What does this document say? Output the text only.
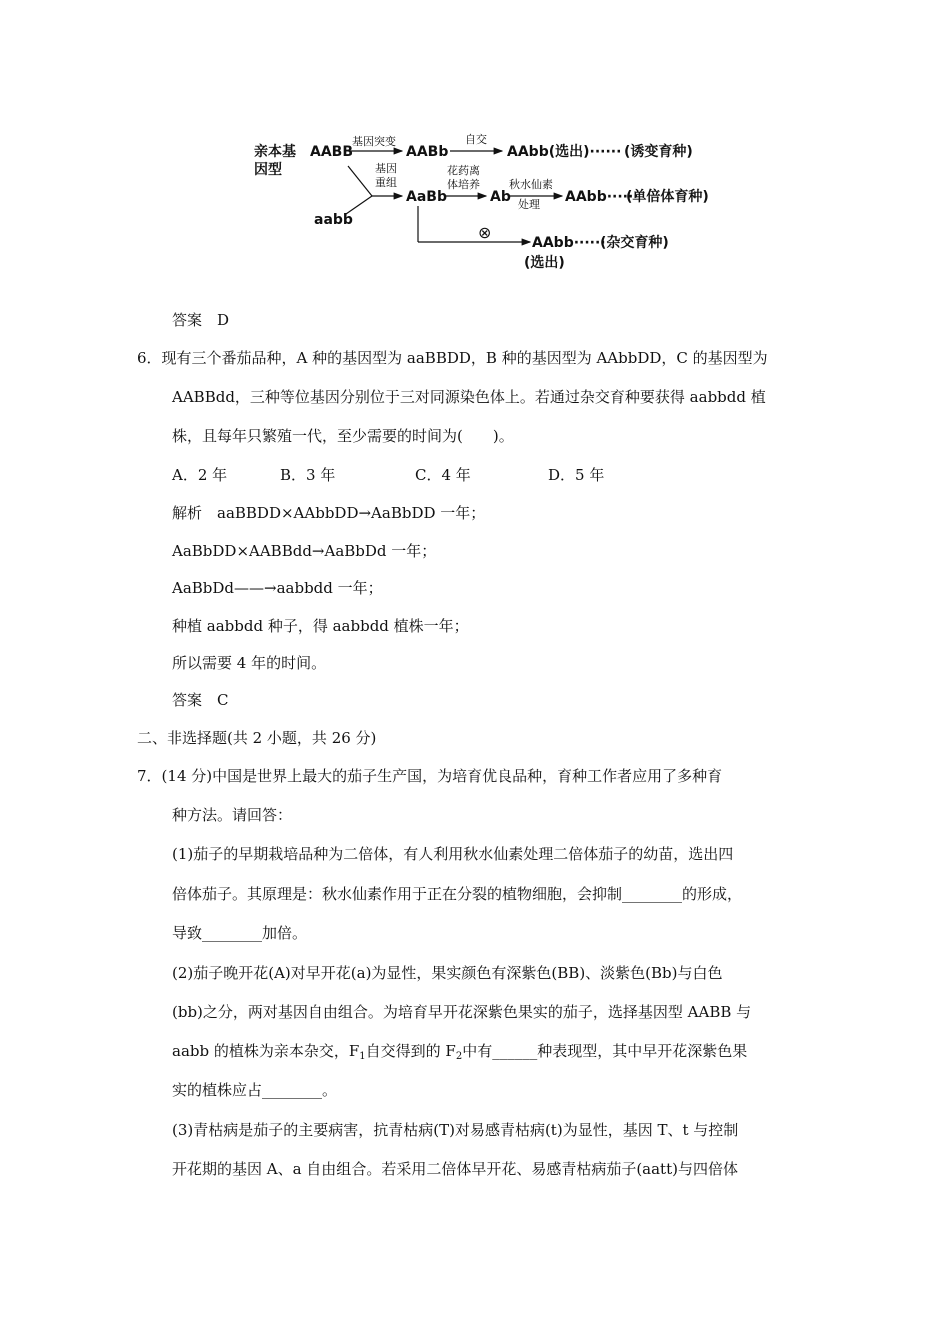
亲本基
因型
AABB
aabb
基因突变
AABb
自交
AAbb(选出)······ (诱变育种)
基因
重组
AaBb
花药离
体培养
Ab
秋水仙素
处理 AAbb······
(单倍体育种)
⊗
AAbb······
(杂交育种)
(选出)
答案　D
6．现有三个番茄品种，A 种的基因型为 aaBBDD，B 种的基因型为 AAbbDD，C 的基因型为
AABBdd，三种等位基因分别位于三对同源染色体上。若通过杂交育种要获得 aabbdd 植
株，且每年只繁殖一代，至少需要的时间为(　　)。
A．2 年	B．3 年	C．4 年	D．5 年
解析　aaBBDD×AAbbDD→AaBbDD 一年；
AaBbDD×AABBdd→AaBbDd 一年；
AaBbDd——→aabbdd 一年；
种植 aabbdd 种子，得 aabbdd 植株一年；
所以需要 4 年的时间。
答案　C
二、非选择题(共 2 小题，共 26 分)
7．(14 分)中国是世界上最大的茄子生产国，为培育优良品种，育种工作者应用了多种育
种方法。请回答：
(1)茄子的早期栽培品种为二倍体，有人利用秋水仙素处理二倍体茄子的幼苗，选出四
倍体茄子。其原理是：秋水仙素作用于正在分裂的植物细胞，会抑制________的形成，
导致________加倍。
(2)茄子晚开花(A)对早开花(a)为显性，果实颜色有深紫色(BB)、淡紫色(Bb)与白色
(bb)之分，两对基因自由组合。为培育早开花深紫色果实的茄子，选择基因型 AABB 与
aabb 的植株为亲本杂交，$F_1$自交得到的 $F_2$中有______种表现型，其中早开花深紫色果
实的植株应占________。
(3)青枯病是茄子的主要病害，抗青枯病(T)对易感青枯病(t)为显性，基因 T、t 与控制
开花期的基因 A、a 自由组合。若采用二倍体早开花、易感青枯病茄子(aatt)与四倍体
